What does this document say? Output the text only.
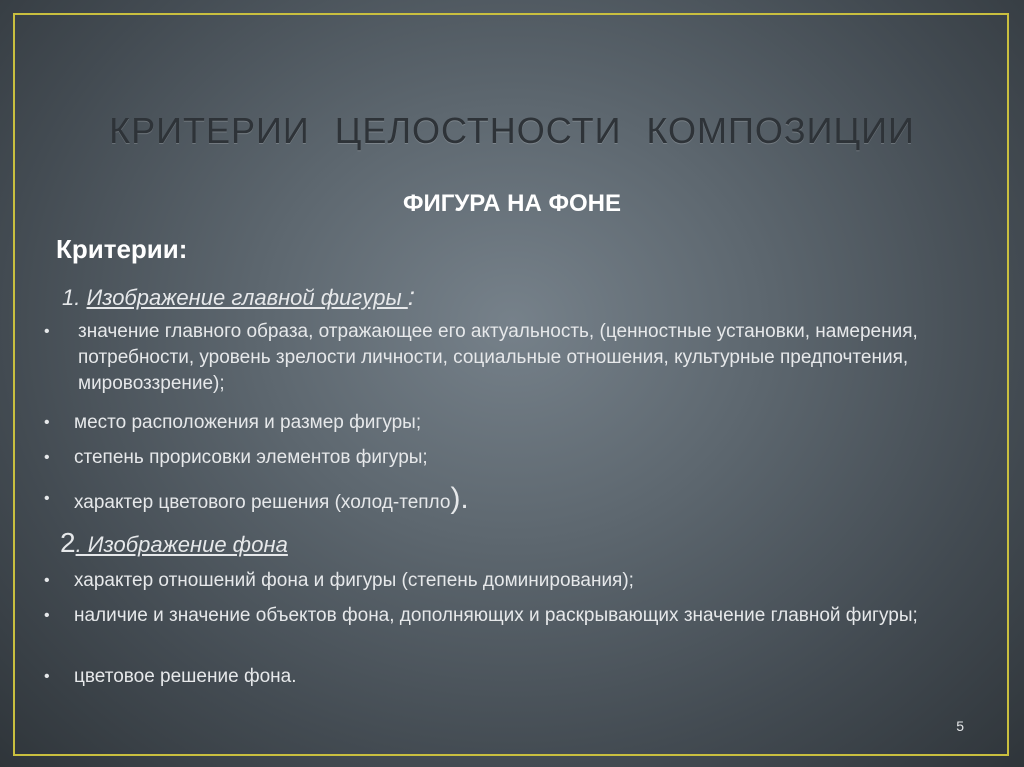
КРИТЕРИИ ЦЕЛОСТНОСТИ КОМПОЗИЦИИ
ФИГУРА НА ФОНЕ
Критерии:
1. Изображение главной фигуры :
•	значение главного образа, отражающее его актуальность, (ценностные установки, намерения, потребности, уровень зрелости личности, социальные отношения, культурные предпочтения, мировоззрение);
•	место расположения и размер фигуры;
•	степень прорисовки элементов фигуры;
•	характер цветового решения (холод-тепло).
2. Изображение фона
•	характер отношений фона и фигуры (степень доминирования);
•	наличие и значение объектов фона, дополняющих и раскрывающих значение главной фигуры;
•	цветовое решение фона.
5
